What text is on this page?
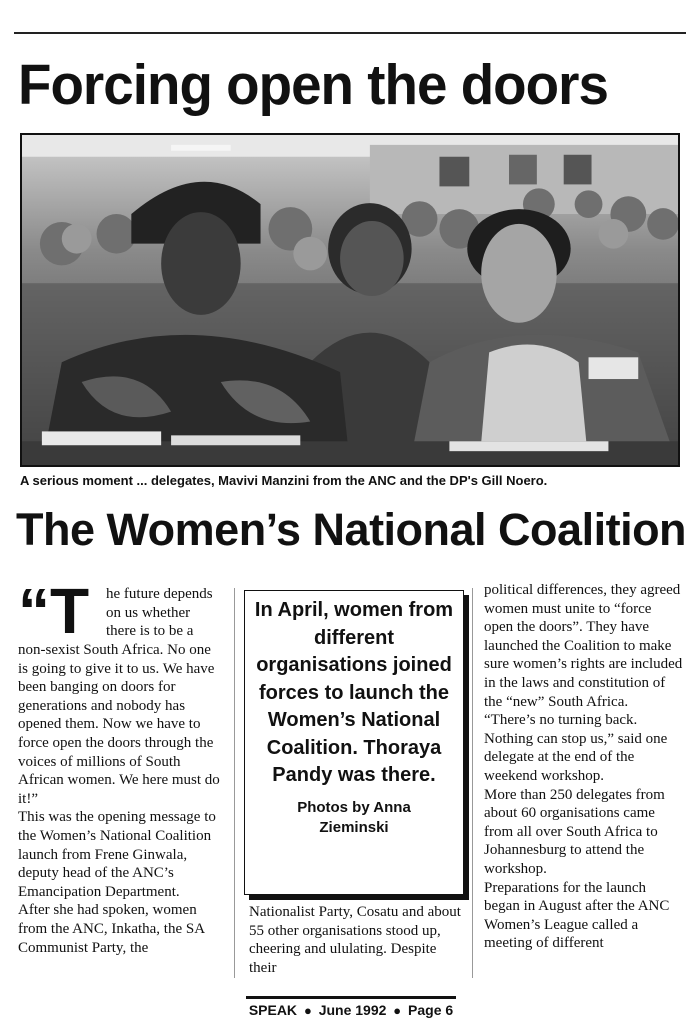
Forcing open the doors
A serious moment ... delegates, Mavivi Manzini from the ANC and the DP's Gill Noero.
The Women’s National Coalition
“T he future depends

on us whether

there is to be a

non-sexist South Africa. No one is going to give it to us. We have been banging on doors for generations and nobody has opened them. Now we have to force open the doors through the voices of millions of South African women. We here must do it!”

This was the opening message to the Women’s National Coalition launch from Frene Ginwala, deputy head of the ANC’s Emancipation Department.

After she had spoken, women from the ANC, Inkatha, the SA Communist Party, the

In April, women from different organisations joined forces to launch the Women’s National Coalition. Thoraya Pandy was there.
Photos by Anna Zieminski

Nationalist Party, Cosatu and about 55 other organisations stood up, cheering and ululating. Despite their

political differences, they agreed women must unite to “force open the doors”. They have launched the Coalition to make sure women’s rights are included in the laws and constitution of the “new” South Africa.

“There’s no turning back. Nothing can stop us,” said one delegate at the end of the weekend workshop.

More than 250 delegates from about 60 organisations came from all over South Africa to Johannesburg to attend the workshop.

Preparations for the launch began in August after the ANC Women’s League called a meeting of different

SPEAK ● June 1992 ● Page 6
